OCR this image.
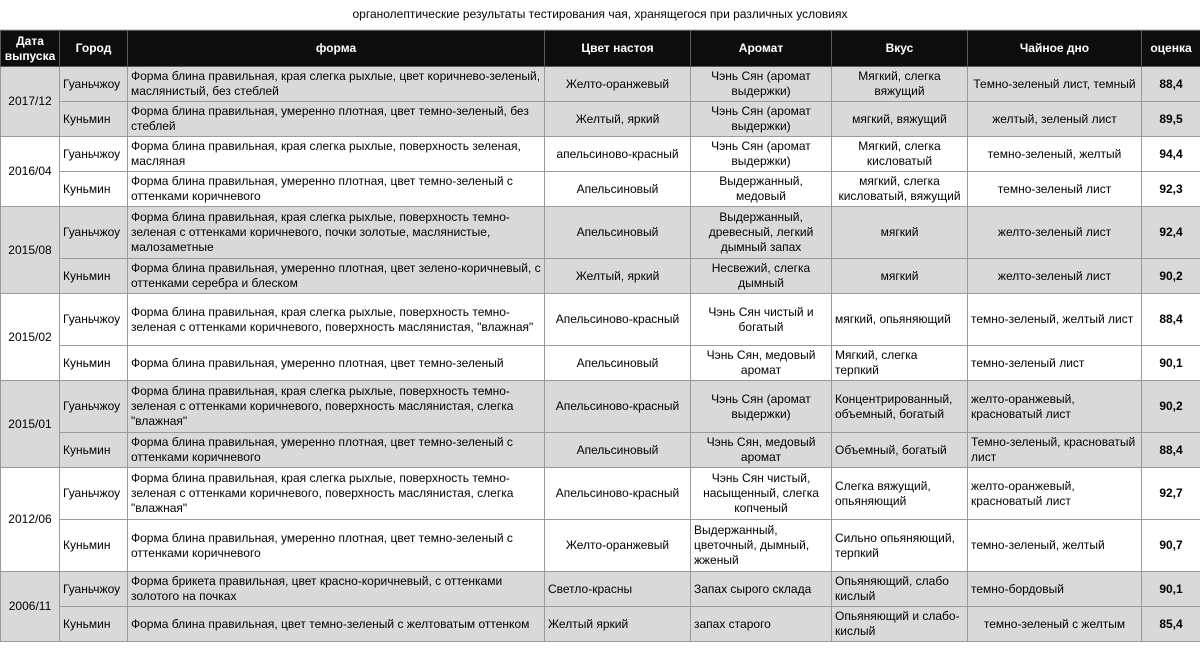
органолептические результаты тестирования чая, хранящегося при различных условиях
Дата выпуска	Город	форма	Цвет настоя	Аромат	Вкус	Чайное дно	оценка
2017/12	Гуаньчжоу	Форма блина правильная, края слегка рыхлые, цвет коричнево-зеленый, маслянистый, без стеблей	Желто-оранжевый	Чэнь Сян (аромат выдержки)	Мягкий, слегка вяжущий	Темно-зеленый лист, темный	88,4
	Куньмин	Форма блина правильная, умеренно плотная, цвет темно-зеленый, без стеблей	Желтый, яркий	Чэнь Сян (аромат выдержки)	мягкий, вяжущий	желтый, зеленый лист	89,5
2016/04	Гуаньчжоу	Форма блина правильная, края слегка рыхлые, поверхность зеленая, масляная	апельсиново-красный	Чэнь Сян (аромат выдержки)	Мягкий, слегка кисловатый	темно-зеленый, желтый	94,4
	Куньмин	Форма блина правильная, умеренно плотная, цвет темно-зеленый с оттенками коричневого	Апельсиновый	Выдержанный, медовый	мягкий, слегка кисловатый, вяжущий	темно-зеленый лист	92,3
2015/08	Гуаньчжоу	Форма блина правильная, края слегка рыхлые, поверхность темно-зеленая с оттенками коричневого, почки золотые, маслянистые, малозаметные	Апельсиновый	Выдержанный, древесный, легкий дымный запах	мягкий	желто-зеленый лист	92,4
	Куньмин	Форма блина правильная, умеренно плотная, цвет зелено-коричневый, с оттенками серебра и блеском	Желтый, яркий	Несвежий, слегка дымный	мягкий	желто-зеленый лист	90,2
2015/02	Гуаньчжоу	Форма блина правильная, края слегка рыхлые, поверхность темно-зеленая с оттенками коричневого, поверхность маслянистая, "влажная"	Апельсиново-красный	Чэнь Сян чистый и богатый	мягкий, опьяняющий	темно-зеленый, желтый лист	88,4
	Куньмин	Форма блина правильная, умеренно плотная, цвет темно-зеленый	Апельсиновый	Чэнь Сян, медовый аромат	Мягкий, слегка терпкий	темно-зеленый лист	90,1
2015/01	Гуаньчжоу	Форма блина правильная, края слегка рыхлые, поверхность темно-зеленая с оттенками коричневого, поверхность маслянистая, слегка "влажная"	Апельсиново-красный	Чэнь Сян (аромат выдержки)	Концентрированный, объемный, богатый	желто-оранжевый, красноватый лист	90,2
	Куньмин	Форма блина правильная, умеренно плотная, цвет темно-зеленый с оттенками коричневого	Апельсиновый	Чэнь Сян, медовый аромат	Объемный, богатый	Темно-зеленый, красноватый лист	88,4
2012/06	Гуаньчжоу	Форма блина правильная, края слегка рыхлые, поверхность темно-зеленая с оттенками коричневого, поверхность маслянистая, слегка "влажная"	Апельсиново-красный	Чэнь Сян чистый, насыщенный, слегка копченый	Слегка вяжущий, опьяняющий	желто-оранжевый, красноватый лист	92,7
	Куньмин	Форма блина правильная, умеренно плотная, цвет темно-зеленый с оттенками коричневого	Желто-оранжевый	Выдержанный, цветочный, дымный, жженый	Сильно опьяняющий, терпкий	темно-зеленый, желтый	90,7
2006/11	Гуаньчжоу	Форма брикета правильная, цвет красно-коричневый, с оттенками золотого на почках	Светло-красны	Запах сырого склада	Опьяняющий, слабо кислый	темно-бордовый	90,1
	Куньмин	Форма блина правильная, цвет темно-зеленый с желтоватым оттенком	Желтый яркий	запах старого	Опьяняющий и слабо-кислый	темно-зеленый с желтым	85,4
